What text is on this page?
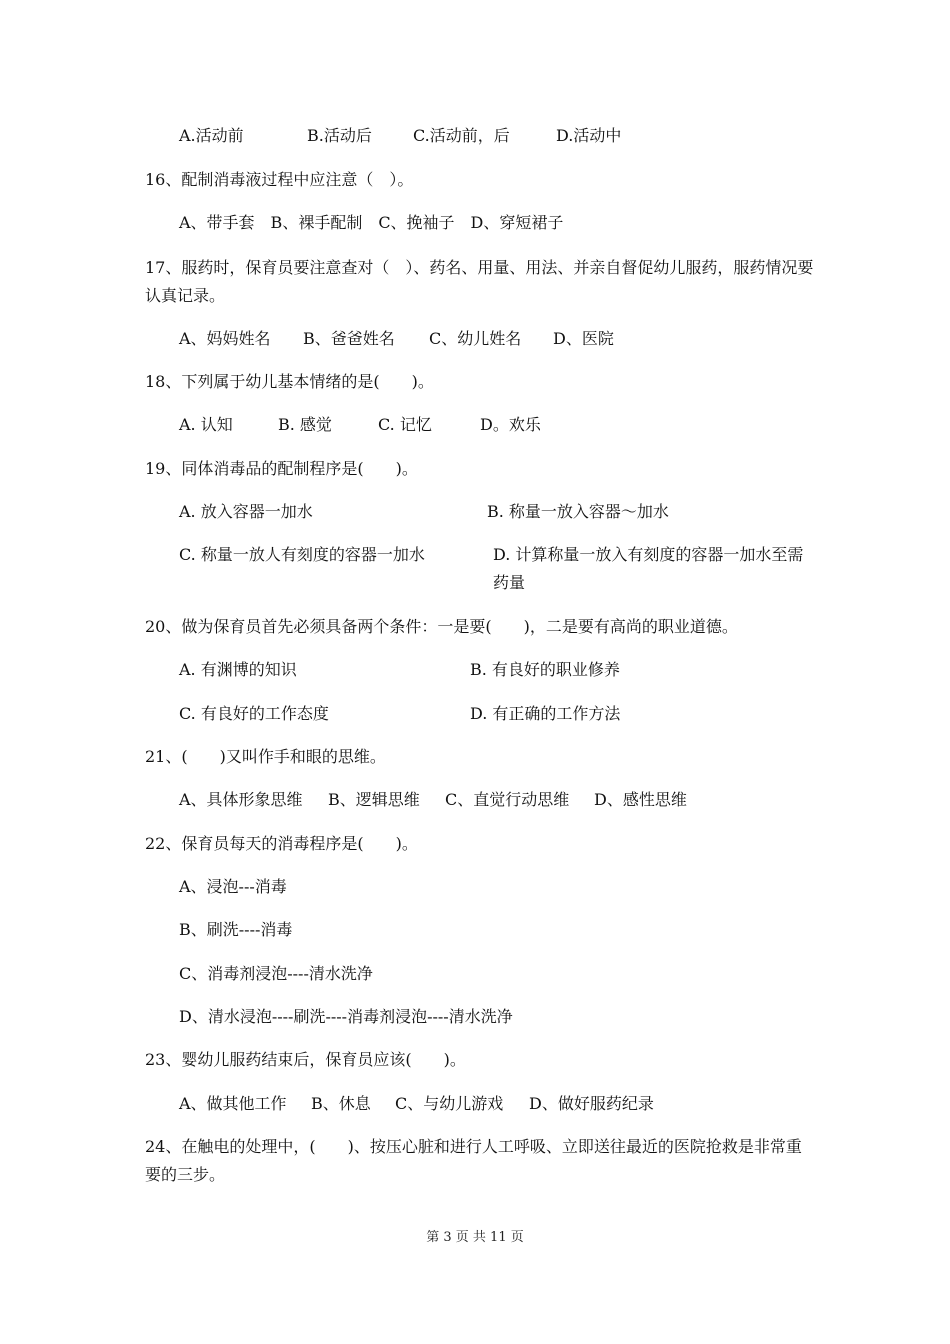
A.活动前	B.活动后	C.活动前，后	D.活动中
16、配制消毒液过程中应注意（　）。
A、带手套　B、裸手配制　C、挽袖子　D、穿短裙子
17、服药时，保育员要注意查对（　）、药名、用量、用法、并亲自督促幼儿服药，服药情况要认真记录。
A、妈妈姓名 B、爸爸姓名 C、幼儿姓名 D、医院
18、下列属于幼儿基本情绪的是(　　)。
A. 认知	B. 感觉	C. 记忆	D。欢乐
19、同体消毒品的配制程序是(　　)。
A. 放入容器一加水	B. 称量一放入容器～加水
C. 称量一放人有刻度的容器一加水	D. 计算称量一放入有刻度的容器一加水至需药量
20、做为保育员首先必须具备两个条件：一是要(　　)，二是要有高尚的职业道德。
A. 有渊博的知识	B. 有良好的职业修养
C. 有良好的工作态度	D. 有正确的工作方法
21、(　　)又叫作手和眼的思维。
A、具体形象思维 B、逻辑思维 C、直觉行动思维 D、感性思维
22、保育员每天的消毒程序是(　　)。
A、浸泡---消毒
B、刷洗----消毒
C、消毒剂浸泡----清水洗净
D、清水浸泡----刷洗----消毒剂浸泡----清水洗净
23、婴幼儿服药结束后，保育员应该(　　)。
A、做其他工作 B、休息 C、与幼儿游戏 D、做好服药纪录
24、在触电的处理中，(　　)、按压心脏和进行人工呼吸、立即送往最近的医院抢救是非常重要的三步。
第 3 页 共 11 页
